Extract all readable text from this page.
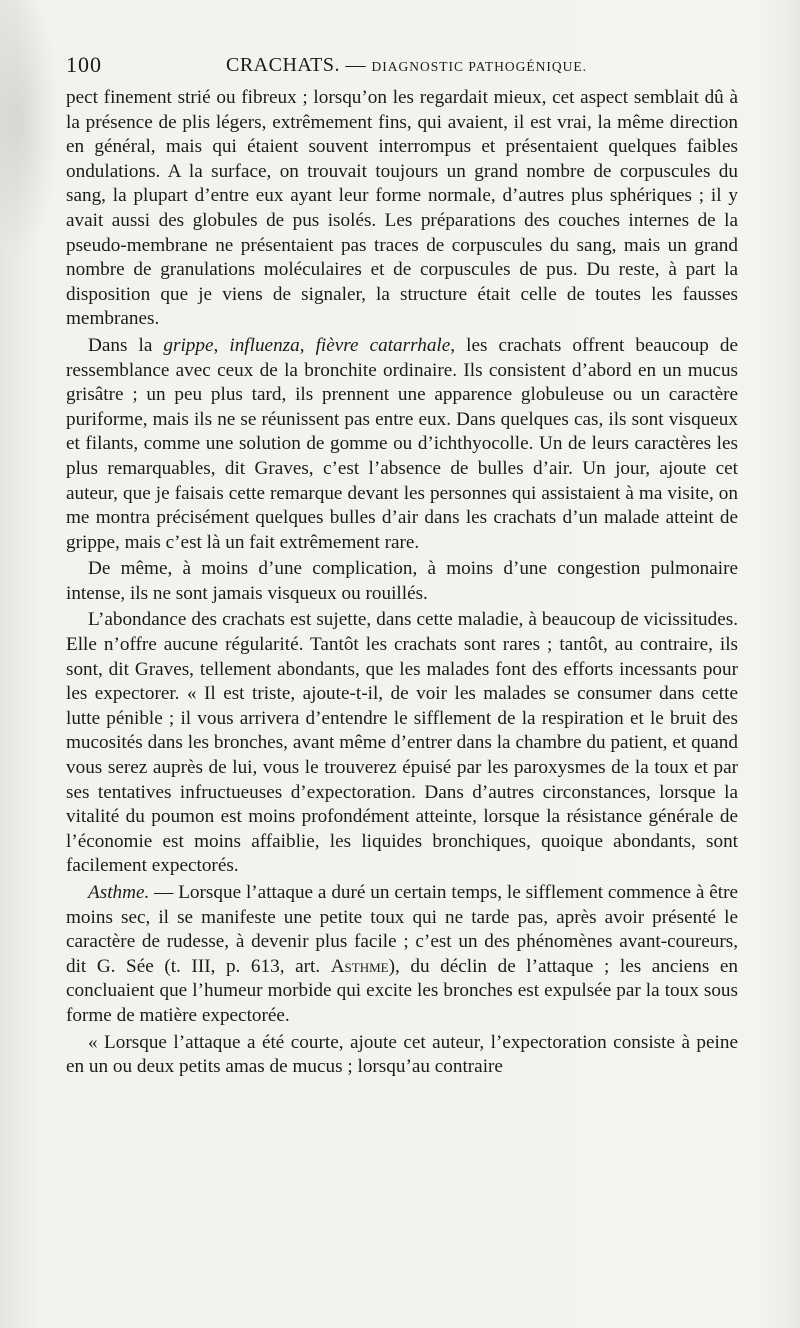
100	CRACHATS. — DIAGNOSTIC PATHOGÉNIQUE.

pect finement strié ou fibreux ; lorsqu’on les regardait mieux, cet aspect semblait dû à la présence de plis légers, extrêmement fins, qui avaient, il est vrai, la même direction en général, mais qui étaient souvent interrompus et présentaient quelques faibles ondulations. A la surface, on trouvait toujours un grand nombre de corpuscules du sang, la plupart d’entre eux ayant leur forme normale, d’autres plus sphériques ; il y avait aussi des globules de pus isolés. Les préparations des couches internes de la pseudo-membrane ne présentaient pas traces de corpuscules du sang, mais un grand nombre de granulations moléculaires et de corpuscules de pus. Du reste, à part la disposition que je viens de signaler, la structure était celle de toutes les fausses membranes.

Dans la grippe, influenza, fièvre catarrhale, les crachats offrent beaucoup de ressemblance avec ceux de la bronchite ordinaire. Ils consistent d’abord en un mucus grisâtre ; un peu plus tard, ils prennent une apparence globuleuse ou un caractère puriforme, mais ils ne se réunissent pas entre eux. Dans quelques cas, ils sont visqueux et filants, comme une solution de gomme ou d’ichthyocolle. Un de leurs caractères les plus remarquables, dit Graves, c’est l’absence de bulles d’air. Un jour, ajoute cet auteur, que je faisais cette remarque devant les personnes qui assistaient à ma visite, on me montra précisément quelques bulles d’air dans les crachats d’un malade atteint de grippe, mais c’est là un fait extrêmement rare.

De même, à moins d’une complication, à moins d’une congestion pulmonaire intense, ils ne sont jamais visqueux ou rouillés.

L’abondance des crachats est sujette, dans cette maladie, à beaucoup de vicissitudes. Elle n’offre aucune régularité. Tantôt les crachats sont rares ; tantôt, au contraire, ils sont, dit Graves, tellement abondants, que les malades font des efforts incessants pour les expectorer. « Il est triste, ajoute-t-il, de voir les malades se consumer dans cette lutte pénible ; il vous arrivera d’entendre le sifflement de la respiration et le bruit des mucosités dans les bronches, avant même d’entrer dans la chambre du patient, et quand vous serez auprès de lui, vous le trouverez épuisé par les paroxysmes de la toux et par ses tentatives infructueuses d’expectoration. Dans d’autres circonstances, lorsque la vitalité du poumon est moins profondément atteinte, lorsque la résistance générale de l’économie est moins affaiblie, les liquides bronchiques, quoique abondants, sont facilement expectorés.

Asthme. — Lorsque l’attaque a duré un certain temps, le sifflement commence à être moins sec, il se manifeste une petite toux qui ne tarde pas, après avoir présenté le caractère de rudesse, à devenir plus facile ; c’est un des phénomènes avant-coureurs, dit G. Sée (t. III, p. 613, art. Asthme), du déclin de l’attaque ; les anciens en concluaient que l’humeur morbide qui excite les bronches est expulsée par la toux sous forme de matière expectorée.

« Lorsque l’attaque a été courte, ajoute cet auteur, l’expectoration consiste à peine en un ou deux petits amas de mucus ; lorsqu’au contraire
